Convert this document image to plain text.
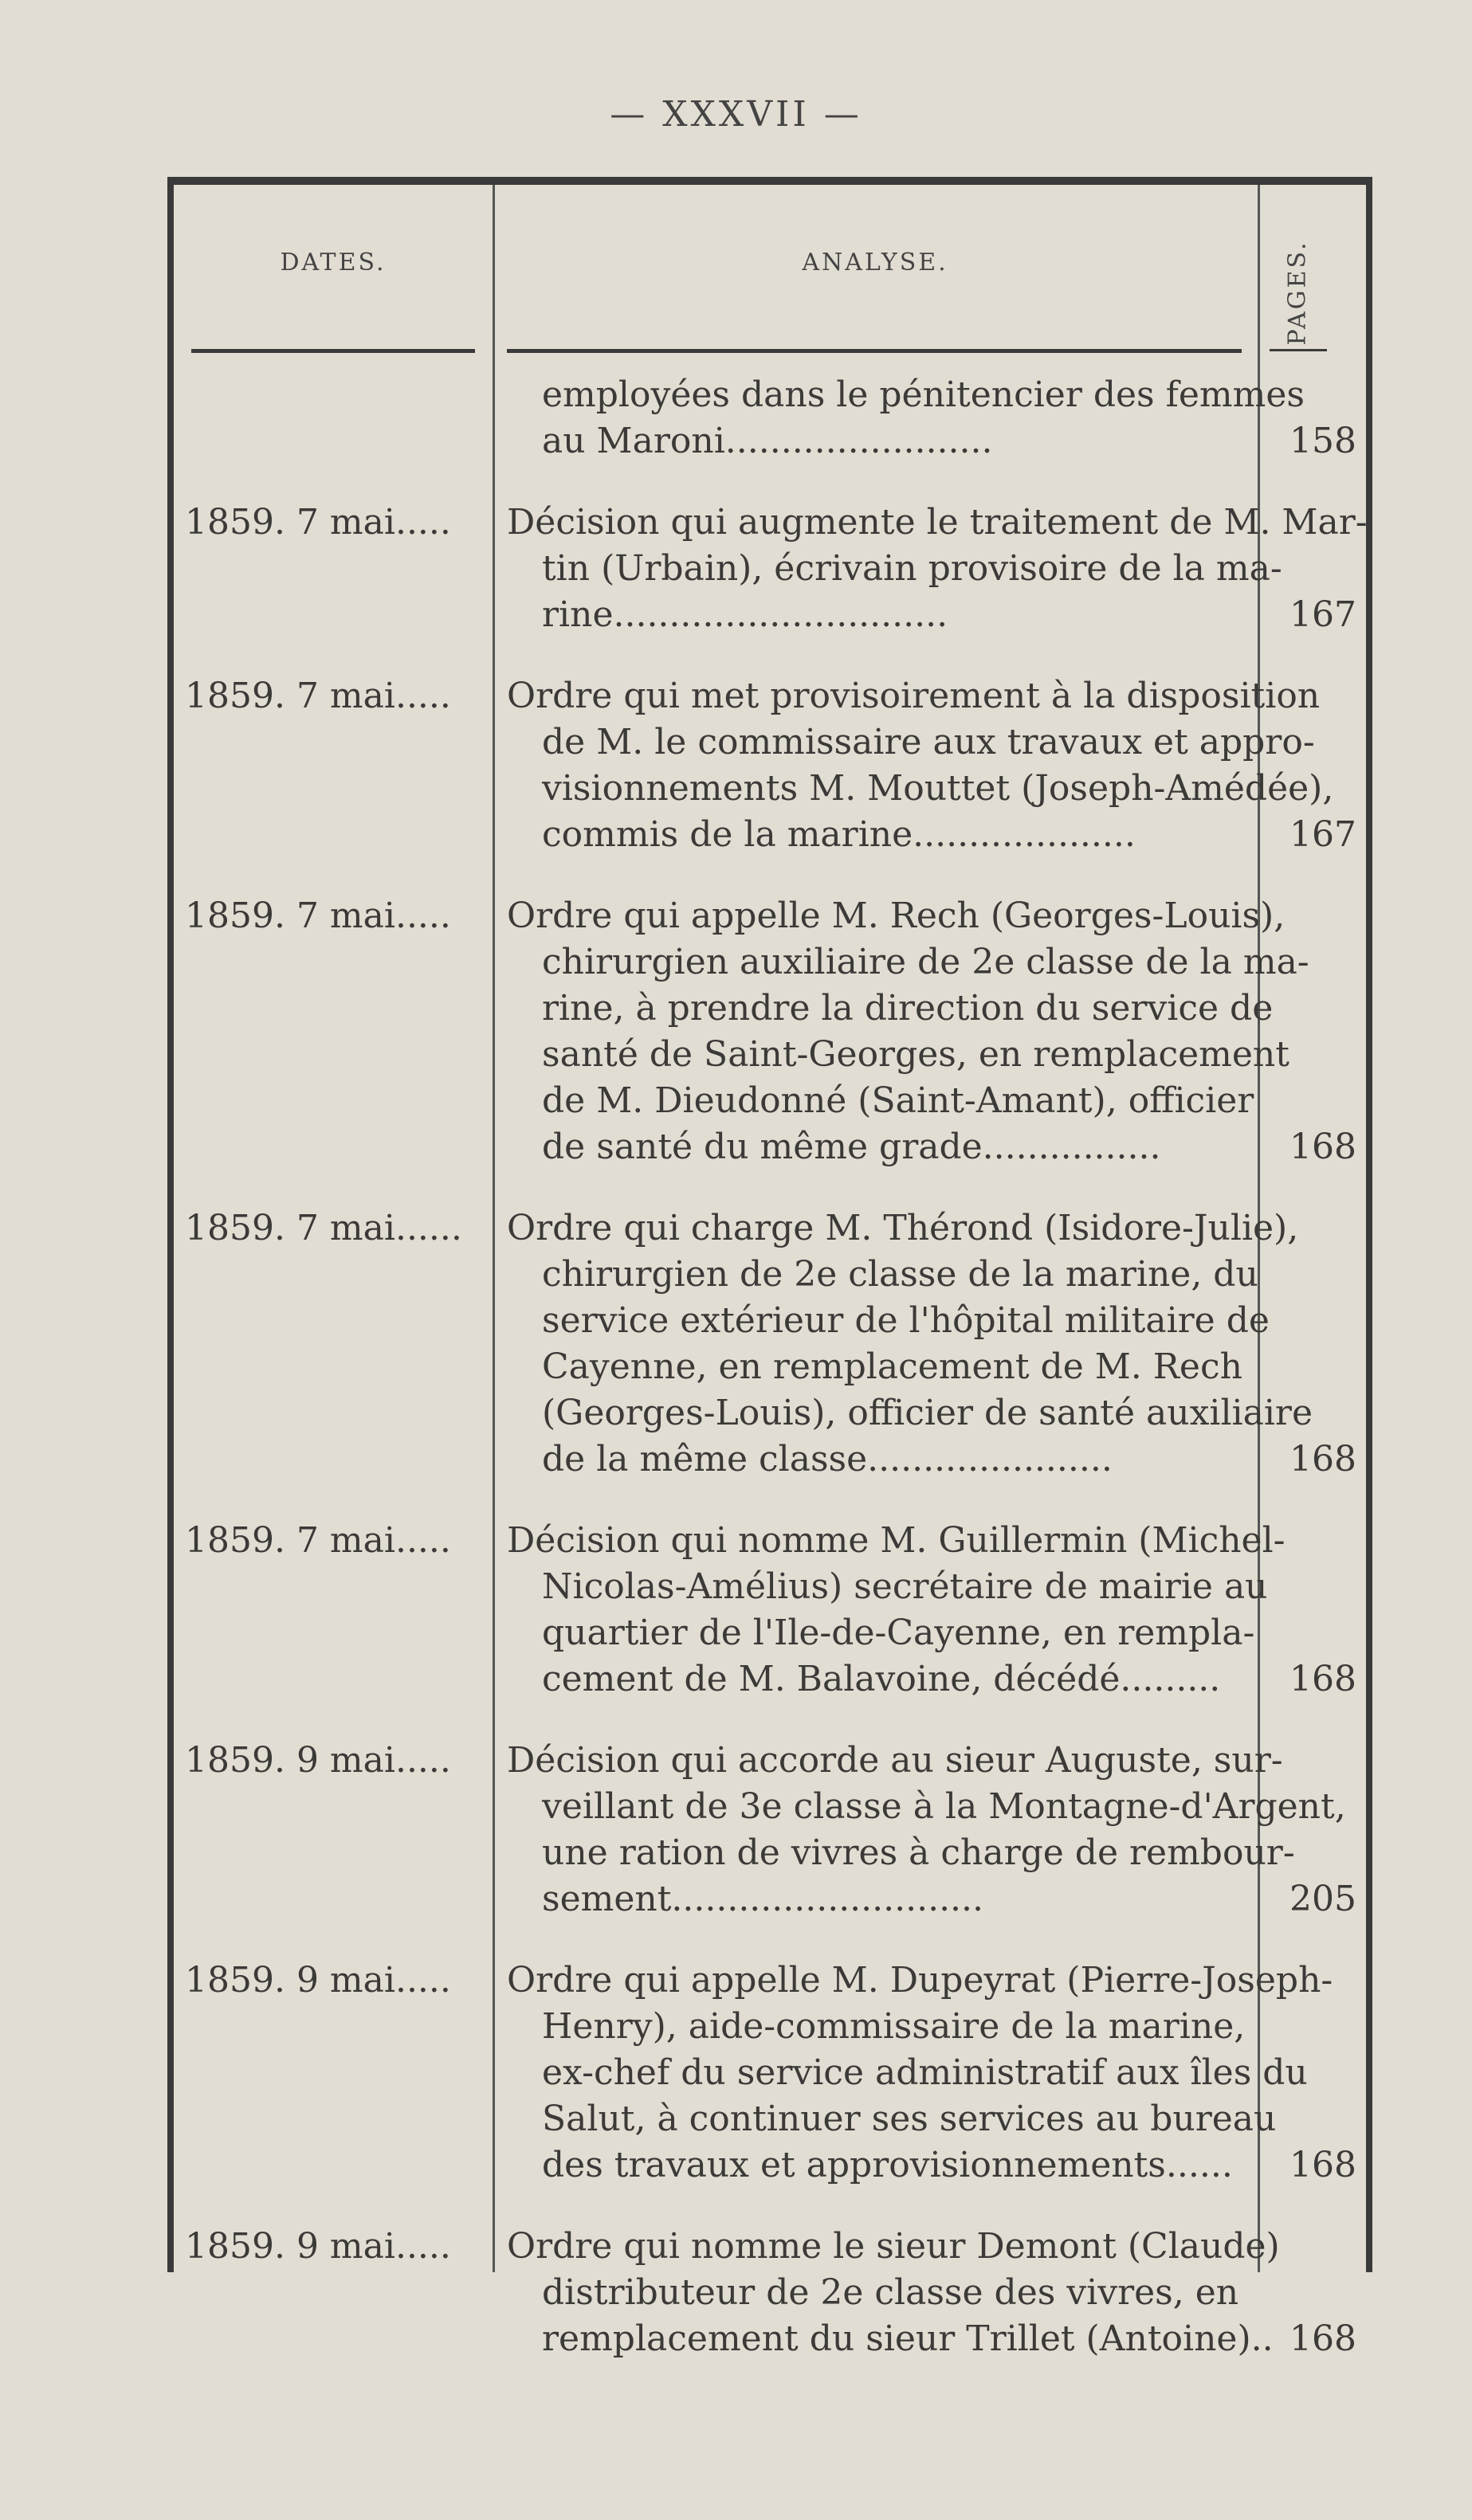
— XXXVII —
DATES.	ANALYSE.	PAGES.
employées dans le pénitencier des femmes
au Maroni........................	158
1859. 7 mai.....	Décision qui augmente le traitement de M. Mar-
tin (Urbain), écrivain provisoire de la ma-
rine..............................	167
1859. 7 mai.....	Ordre qui met provisoirement à la disposition
de M. le commissaire aux travaux et appro-
visionnements M. Mouttet (Joseph-Amédée),
commis de la marine....................	167
1859. 7 mai.....	Ordre qui appelle M. Rech (Georges-Louis),
chirurgien auxiliaire de 2e classe de la ma-
rine, à prendre la direction du service de
santé de Saint-Georges, en remplacement
de M. Dieudonné (Saint-Amant), officier
de santé du même grade................	168
1859. 7 mai......	Ordre qui charge M. Thérond (Isidore-Julie),
chirurgien de 2e classe de la marine, du
service extérieur de l'hôpital militaire de
Cayenne, en remplacement de M. Rech
(Georges-Louis), officier de santé auxiliaire
de la même classe......................	168
1859. 7 mai.....	Décision qui nomme M. Guillermin (Michel-
Nicolas-Amélius) secrétaire de mairie au
quartier de l'Ile-de-Cayenne, en rempla-
cement de M. Balavoine, décédé.........	168
1859. 9 mai.....	Décision qui accorde au sieur Auguste, sur-
veillant de 3e classe à la Montagne-d'Argent,
une ration de vivres à charge de rembour-
sement............................	205
1859. 9 mai.....	Ordre qui appelle M. Dupeyrat (Pierre-Joseph-
Henry), aide-commissaire de la marine,
ex-chef du service administratif aux îles du
Salut, à continuer ses services au bureau
des travaux et approvisionnements......	168
1859. 9 mai.....	Ordre qui nomme le sieur Demont (Claude)
distributeur de 2e classe des vivres, en
remplacement du sieur Trillet (Antoine).. 168
